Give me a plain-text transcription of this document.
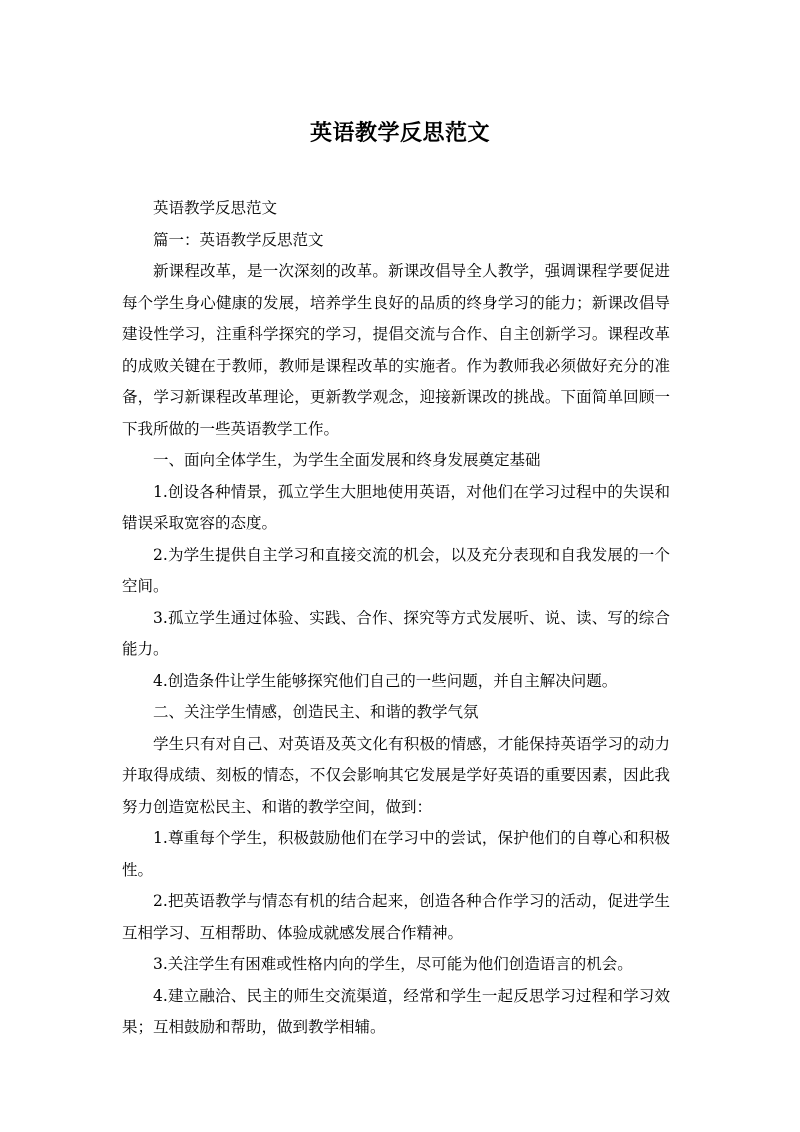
英语教学反思范文

英语教学反思范文

篇一：英语教学反思范文

新课程改革，是一次深刻的改革。新课改倡导全人教学，强调课程学要促进每个学生身心健康的发展，培养学生良好的品质的终身学习的能力；新课改倡导建设性学习，注重科学探究的学习，提倡交流与合作、自主创新学习。课程改革的成败关键在于教师，教师是课程改革的实施者。作为教师我必须做好充分的准备，学习新课程改革理论，更新教学观念，迎接新课改的挑战。下面简单回顾一下我所做的一些英语教学工作。

一、面向全体学生，为学生全面发展和终身发展奠定基础

1.创设各种情景，孤立学生大胆地使用英语，对他们在学习过程中的失误和错误采取宽容的态度。

2.为学生提供自主学习和直接交流的机会，以及充分表现和自我发展的一个空间。

3.孤立学生通过体验、实践、合作、探究等方式发展听、说、读、写的综合能力。

4.创造条件让学生能够探究他们自己的一些问题，并自主解决问题。

二、关注学生情感，创造民主、和谐的教学气氛

学生只有对自己、对英语及英文化有积极的情感，才能保持英语学习的动力并取得成绩、刻板的情态，不仅会影响其它发展是学好英语的重要因素，因此我努力创造宽松民主、和谐的教学空间，做到：

1.尊重每个学生，积极鼓励他们在学习中的尝试，保护他们的自尊心和积极性。

2.把英语教学与情态有机的结合起来，创造各种合作学习的活动，促进学生互相学习、互相帮助、体验成就感发展合作精神。

3.关注学生有困难或性格内向的学生，尽可能为他们创造语言的机会。

4.建立融洽、民主的师生交流渠道，经常和学生一起反思学习过程和学习效果；互相鼓励和帮助，做到教学相辅。
